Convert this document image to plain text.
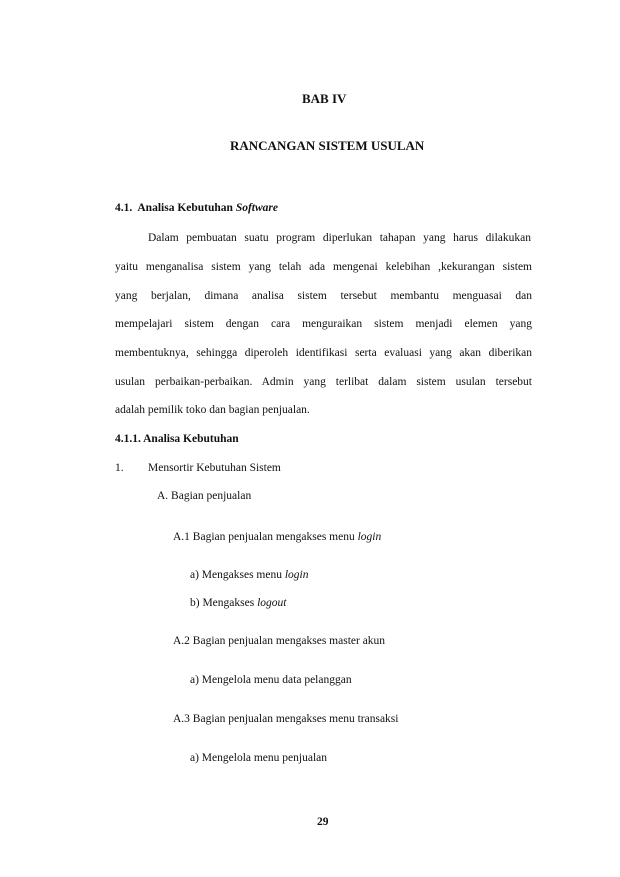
BAB IV
RANCANGAN SISTEM USULAN
4.1. Analisa Kebutuhan Software
Dalam pembuatan suatu program diperlukan tahapan yang harus dilakukan
yaitu menganalisa sistem yang telah ada mengenai kelebihan ,kekurangan sistem
yang berjalan, dimana analisa sistem tersebut membantu menguasai dan
mempelajari sistem dengan cara menguraikan sistem menjadi elemen yang
membentuknya, sehingga diperoleh identifikasi serta evaluasi yang akan diberikan
usulan perbaikan-perbaikan. Admin yang terlibat dalam sistem usulan tersebut
adalah pemilik toko dan bagian penjualan.
4.1.1. Analisa Kebutuhan
1. Mensortir Kebutuhan Sistem
A. Bagian penjualan
A.1 Bagian penjualan mengakses menu login
a) Mengakses menu login
b) Mengakses logout
A.2 Bagian penjualan mengakses master akun
a) Mengelola menu data pelanggan
A.3 Bagian penjualan mengakses menu transaksi
a) Mengelola menu penjualan
29
